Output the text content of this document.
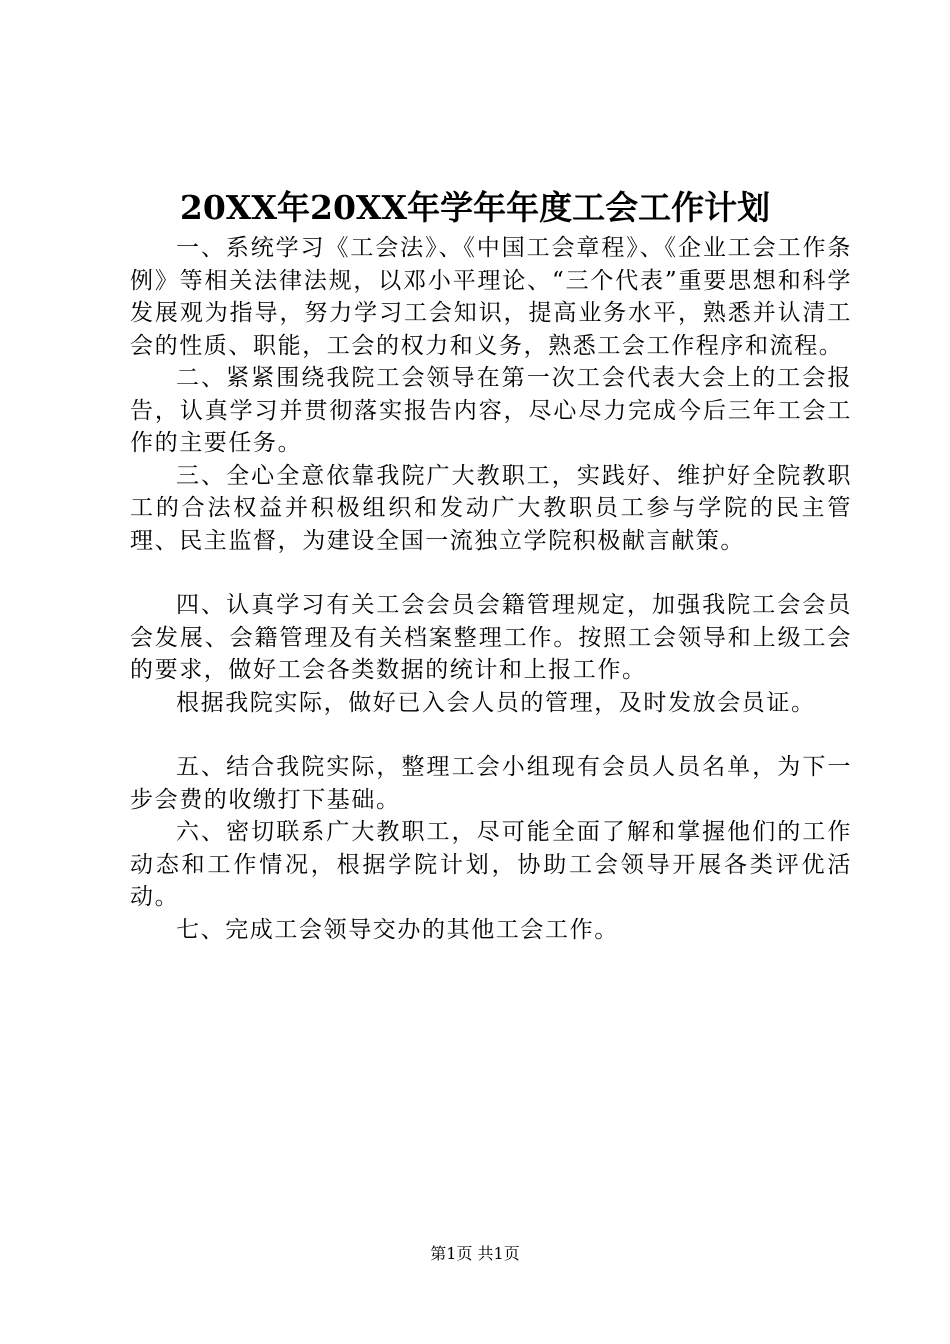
20XX年20XX年学年年度工会工作计划

一、系统学习《工会法》、《中国工会章程》、《企业工会工作条例》等相关法律法规，以邓小平理论、“三个代表”重要思想和科学发展观为指导，努力学习工会知识，提高业务水平，熟悉并认清工会的性质、职能，工会的权力和义务，熟悉工会工作程序和流程。

二、紧紧围绕我院工会领导在第一次工会代表大会上的工会报告，认真学习并贯彻落实报告内容，尽心尽力完成今后三年工会工作的主要任务。

三、全心全意依靠我院广大教职工，实践好、维护好全院教职工的合法权益并积极组织和发动广大教职员工参与学院的民主管理、民主监督，为建设全国一流独立学院积极献言献策。

四、认真学习有关工会会员会籍管理规定，加强我院工会会员会发展、会籍管理及有关档案整理工作。按照工会领导和上级工会的要求，做好工会各类数据的统计和上报工作。

根据我院实际，做好已入会人员的管理，及时发放会员证。

五、结合我院实际，整理工会小组现有会员人员名单，为下一步会费的收缴打下基础。

六、密切联系广大教职工，尽可能全面了解和掌握他们的工作动态和工作情况，根据学院计划，协助工会领导开展各类评优活动。

七、完成工会领导交办的其他工会工作。

第1页 共1页
